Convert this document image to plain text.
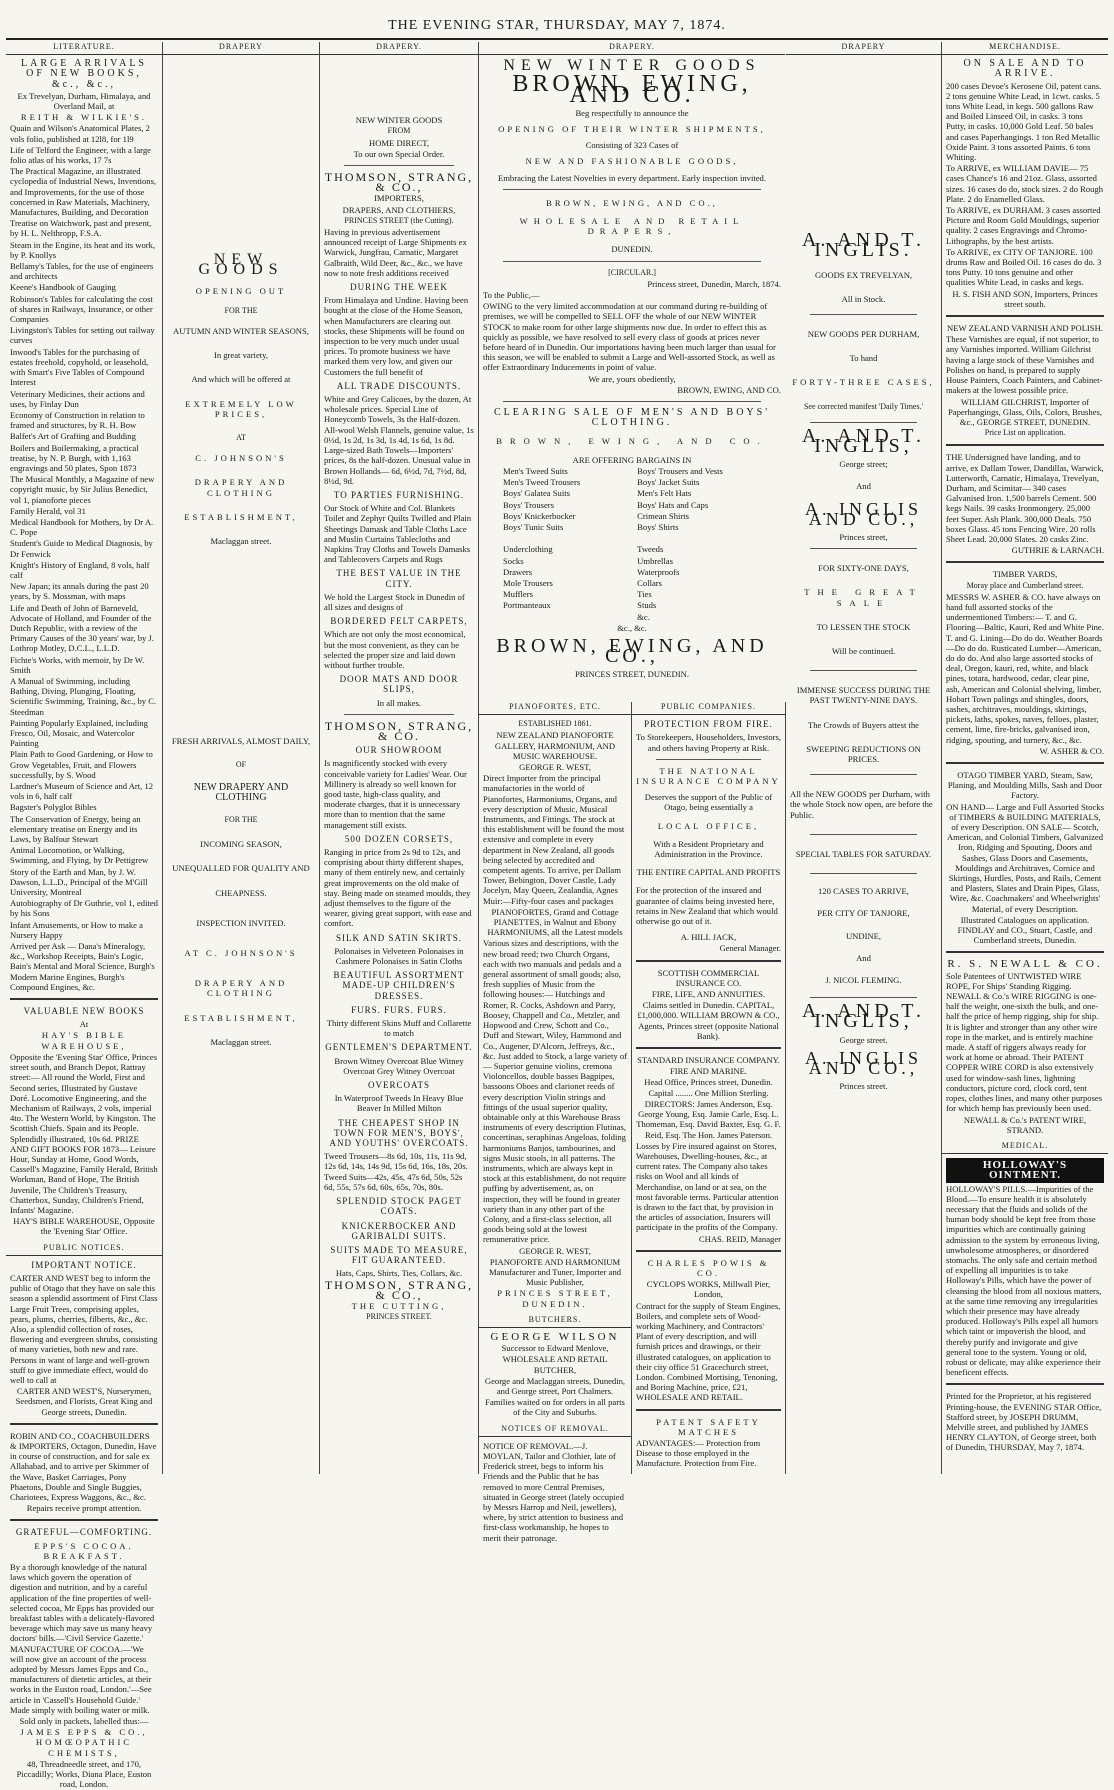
THE EVENING STAR, THURSDAY, MAY 7, 1874.
LITERATURE.

LARGE ARRIVALS OF NEW BOOKS, &c., &c.,

Ex Trevelyan, Durham, Himalaya, and Overland Mail, at

REITH & WILKIE'S.

Quain and Wilson's Anatomical Plates, 2 vols folio, published at 12l8, for 1l9

Life of Telford the Engineer, with a large folio atlas of his works, 17 7s

The Practical Magazine, an illustrated cyclopedia of Industrial News, Inventions, and Improvements, for the use of those concerned in Raw Materials, Machinery, Manufactures, Building, and Decoration

Treatise on Watchwork, past and present, by H. L. Nelthropp, F.S.A.

Steam in the Engine, its heat and its work, by P. Knollys

Bellamy's Tables, for the use of engineers and architects

Keene's Handbook of Gauging

Robinson's Tables for calculating the cost of shares in Railways, Insurance, or other Companies

Livingston's Tables for setting out railway curves

Inwood's Tables for the purchasing of estates freehold, copyhold, or leasehold, with Smart's Five Tables of Compound Interest

Veterinary Medicines, their actions and uses, by Finlay Dun

Economy of Construction in relation to framed and structures, by R. H. Bow

Balfet's Art of Grafting and Budding

Boilers and Boilermaking, a practical treatise, by N. P. Burgh, with 1,163 engravings and 50 plates, Spon 1873

The Musical Monthly, a Magazine of new copyright music, by Sir Julius Benedict, vol 1, pianoforte pieces

Family Herald, vol 31

Medical Handbook for Mothers, by Dr A. C. Pope

Student's Guide to Medical Diagnosis, by Dr Fenwick

Knight's History of England, 8 vols, half calf

New Japan; its annals during the past 20 years, by S. Mossman, with maps

Life and Death of John of Barneveld, Advocate of Holland, and Founder of the Dutch Republic, with a review of the Primary Causes of the 30 years' war, by J. Lothrop Motley, D.C.L., L.L.D.

Fichte's Works, with memoir, by Dr W. Smith

A Manual of Swimming, including Bathing, Diving, Plunging, Floating, Scientific Swimming, Training, &c., by C. Steedman

Painting Popularly Explained, including Fresco, Oil, Mosaic, and Watercolor Painting

Plain Path to Good Gardening, or How to Grow Vegetables, Fruit, and Flowers successfully, by S. Wood

Lardner's Museum of Science and Art, 12 vols in 6, half calf

Bagster's Polyglot Bibles

The Conservation of Energy, being an elementary treatise on Energy and its Laws, by Balfour Stewart

Animal Locomotion, or Walking, Swimming, and Flying, by Dr Pettigrew

Story of the Earth and Man, by J. W. Dawson, L.L.D., Principal of the M'Gill University, Montreal

Autobiography of Dr Guthrie, vol 1, edited by his Sons

Infant Amusements, or How to make a Nursery Happy

Arrived per Ask — Dana's Mineralogy, &c., Workshop Receipts, Bain's Logic, Bain's Mental and Moral Science, Burgh's Modern Marine Engines, Burgh's Compound Engines, &c.

VALUABLE NEW BOOKS

At

HAY'S BIBLE WAREHOUSE,

Opposite the 'Evening Star' Office, Princes street south, and Branch Depot, Rattray street:— All round the World, First and Second series, Illustrated by Gustave Doré. Locomotive Engineering, and the Mechanism of Railways, 2 vols, imperial 4to. The Western World, by Kingston. The Scottish Chiefs. Spain and its People. Splendidly illustrated, 10s 6d. PRIZE AND GIFT BOOKS FOR 1873— Leisure Hour, Sunday at Home, Good Words, Cassell's Magazine, Family Herald, British Workman, Band of Hope, The British Juvenile, The Children's Treasury, Chatterbox, Sunday, Children's Friend, Infants' Magazine.

HAY'S BIBLE WAREHOUSE, Opposite the 'Evening Star' Office.

PUBLIC NOTICES.

IMPORTANT NOTICE.

CARTER AND WEST beg to inform the public of Otago that they have on sale this season a splendid assortment of First Class Large Fruit Trees, comprising apples, pears, plums, cherries, filberts, &c., &c. Also, a splendid collection of roses, flowering and evergreen shrubs, consisting of many varieties, both new and rare. Persons in want of large and well-grown stuff to give immediate effect, would do well to call at

CARTER AND WEST'S, Nurserymen, Seedsmen, and Florists, Great King and George streets, Dunedin.

ROBIN AND CO., COACHBUILDERS & IMPORTERS, Octagon, Dunedin, Have in course of construction, and for sale ex Allahabad, and to arrive per Skimmer of the Wave, Basket Carriages, Pony Phaetons, Double and Single Buggies, Chariotees, Express Waggons, &c., &c.

Repairs receive prompt attention.

GRATEFUL—COMFORTING.

EPPS'S COCOA. BREAKFAST.

By a thorough knowledge of the natural laws which govern the operation of digestion and nutrition, and by a careful application of the fine properties of well-selected cocoa, Mr Epps has provided our breakfast tables with a delicately-flavored beverage which may save us many heavy doctors' bills.—'Civil Service Gazette.' MANUFACTURE OF COCOA.—'We will now give an account of the process adopted by Messrs James Epps and Co., manufacturers of dietetic articles, at their works in the Euston road, London.'—See article in 'Cassell's Household Guide.' Made simply with boiling water or milk.

Sold only in packets, labelled thus:—

JAMES EPPS & CO., HOMŒOPATHIC CHEMISTS,

48, Threadneedle street, and 170, Piccadilly; Works, Diana Place, Euston road, London.

DRAPERY

NEW GOODS

OPENING OUT

FOR THE

AUTUMN AND WINTER SEASONS,

In great variety,

And which will be offered at

EXTREMELY LOW PRICES,

AT

C. JOHNSON'S

DRAPERY AND CLOTHING

ESTABLISHMENT,

Maclaggan street.

FRESH ARRIVALS, ALMOST DAILY,

OF

NEW DRAPERY AND CLOTHING

FOR THE

INCOMING SEASON,

UNEQUALLED FOR QUALITY AND

CHEAPNESS.

INSPECTION INVITED.

AT C. JOHNSON'S

DRAPERY AND CLOTHING

ESTABLISHMENT,

Maclaggan street.

DRAPERY.

NEW WINTER GOODS

FROM

HOME DIRECT,

To our own Special Order.

THOMSON, STRANG, & CO.,

IMPORTERS,

DRAPERS, AND CLOTHIERS,

PRINCES STREET (the Cutting).

Having in previous advertisement announced receipt of Large Shipments ex Warwick, Jungfrau, Carnatic, Margaret Galbraith, Wild Deer, &c., &c., we have now to note fresh additions received

DURING THE WEEK

From Himalaya and Undine. Having been bought at the close of the Home Season, when Manufacturers are clearing out stocks, these Shipments will be found on inspection to be very much under usual prices. To promote business we have marked them very low, and given our Customers the full benefit of

ALL TRADE DISCOUNTS.

White and Grey Calicoes, by the dozen, At wholesale prices. Special Line of Honeycomb Towels, 3s the Half-dozen. All-wool Welsh Flannels, genuine value, 1s 0½d, 1s 2d, 1s 3d, 1s 4d, 1s 6d, 1s 8d. Large-sized Bath Towels—Importers' prices, 8s the half-dozen. Unusual value in Brown Hollands— 6d, 6½d, 7d, 7½d, 8d, 8½d, 9d.

TO PARTIES FURNISHING.

Our Stock of White and Col. Blankets Toilet and Zephyr Quilts Twilled and Plain Sheetings Damask and Table Cloths Lace and Muslin Curtains Tablecloths and Napkins Tray Cloths and Towels Damasks and Tablecovers Carpets and Rugs

THE BEST VALUE IN THE CITY.

We hold the Largest Stock in Dunedin of all sizes and designs of

BORDERED FELT CARPETS,

Which are not only the most economical, but the most convenient, as they can be selected the proper size and laid down without further trouble.

DOOR MATS AND DOOR SLIPS,

In all makes.

THOMSON, STRANG, & CO.

OUR SHOWROOM

Is magnificently stocked with every conceivable variety for Ladies' Wear. Our Millinery is already so well known for good taste, high-class quality, and moderate charges, that it is unnecessary more than to mention that the same management still exists.

500 DOZEN CORSETS,

Ranging in price from 2s 9d to 12s, and comprising about thirty different shapes, many of them entirely new, and certainly great improvements on the old make of stay. Being made on steamed moulds, they adjust themselves to the figure of the wearer, giving great support, with ease and comfort.

SILK AND SATIN SKIRTS.

Polonaises in Velveteen Polonaises in Cashmere Polonaises in Satin Cloths

BEAUTIFUL ASSORTMENT MADE-UP CHILDREN'S DRESSES.

FURS. FURS. FURS.

Thirty different Skins Muff and Collarette to match

GENTLEMEN'S DEPARTMENT.

Brown Witney Overcoat Blue Witney Overcoat Grey Witney Overcoat

OVERCOATS

In Waterproof Tweeds In Heavy Blue Beaver In Milled Milton

THE CHEAPEST SHOP IN TOWN FOR MEN'S, BOYS', AND YOUTHS' OVERCOATS.

Tweed Trousers—8s 6d, 10s, 11s, 11s 9d, 12s 6d, 14s, 14s 9d, 15s 6d, 16s, 18s, 20s. Tweed Suits—42s, 45s, 47s 6d, 50s, 52s 6d, 55s, 57s 6d, 60s, 65s, 70s, 80s.

SPLENDID STOCK PAGET COATS.

KNICKERBOCKER AND GARIBALDI SUITS.

SUITS MADE TO MEASURE, FIT GUARANTEED.

Hats, Caps, Shirts, Ties, Collars, &c.

THOMSON, STRANG, & CO.,

THE CUTTING,

PRINCES STREET.

DRAPERY.

NEW WINTER GOODS

BROWN, EWING, AND CO.

Beg respectfully to announce the

OPENING OF THEIR WINTER SHIPMENTS,

Consisting of 323 Cases of

NEW AND FASHIONABLE GOODS,

Embracing the Latest Novelties in every department. Early inspection invited.

BROWN, EWING, AND CO.,

WHOLESALE AND RETAIL DRAPERS,

DUNEDIN.

[CIRCULAR.]

Princess street, Dunedin, March, 1874.

To the Public,—

OWING to the very limited accommodation at our command during re-building of premises, we will be compelled to SELL OFF the whole of our NEW WINTER STOCK to make room for other large shipments now due. In order to effect this as quickly as possible, we have resolved to sell every class of goods at prices never before heard of in Dunedin. Our importations having been much larger than usual for this season, we will be enabled to submit a Large and Well-assorted Stock, as well as offer Extraordinary Inducements in point of value.

We are, yours obediently,

BROWN, EWING, AND CO.

CLEARING SALE OF MEN'S AND BOYS' CLOTHING.

BROWN, EWING, AND CO.

ARE OFFERING BARGAINS IN

Men's Tweed Suits

Men's Tweed Trousers

Boys' Galatea Suits

Boys' Trousers

Boys' Knickerbocker

Boys' Tunic Suits

Underclothing

Socks

Drawers

Mole Trousers

Mufflers

Portmanteaux

Boys' Trousers and Vests

Boys' Jacket Suits

Men's Felt Hats

Boys' Hats and Caps

Crimean Shirts

Boys' Shirts

Tweeds

Umbrellas

Waterproofs

Collars

Ties

Studs

&c.

&c., &c.

BROWN, EWING, AND CO.,

PRINCES STREET, DUNEDIN.

PIANOFORTES, ETC.

ESTABLISHED 1861.

NEW ZEALAND PIANOFORTE GALLERY, HARMONIUM, AND MUSIC WAREHOUSE.

GEORGE R. WEST,

Direct Importer from the principal manufactories in the world of Pianofortes, Harmoniums, Organs, and every description of Music, Musical Instruments, and Fittings. The stock at this establishment will be found the most extensive and complete in every department in New Zealand, all goods being selected by accredited and competent agents. To arrive, per Dallam Tower, Bebington, Dover Castle, Lady Jocelyn, May Queen, Zealandia, Agnes Muir:—Fifty-four cases and packages

PIANOFORTES, Grand and Cottage PIANETTES, in Walnut and Ebony HARMONIUMS, all the Latest models

Various sizes and descriptions, with the new broad reed; two Church Organs, each with two manuals and pedals and a general assortment of small goods; also, fresh supplies of Music from the following houses:— Hutchings and Romer, R. Cocks, Ashdown and Parry, Boosey, Chappell and Co., Metzler, and Hopwood and Crew, Schott and Co., Duff and Stewart, Wiley, Hammond and Co., Augener, D'Alcorn, Jeffreys, &c., &c. Just added to Stock, a large variety of— Superior genuine violins, cremona Violoncellos, double basses Bagpipes, bassoons Oboes and clarionet reeds of every description Violin strings and fittings of the usual superior quality, obtainable only at this Warehouse Brass instruments of every description Flutinas, concertinas, seraphinas Angeloas, folding harmoniums Banjos, tambourines, and signs Music stools, in all patterns. The instruments, which are always kept in stock at this establishment, do not require puffing by advertisement, as, on inspection, they will be found in greater variety than in any other part of the Colony, and a first-class selection, all goods being sold at the lowest remunerative price.

GEORGE R. WEST,

PIANOFORTE AND HARMONIUM Manufacturer and Tuner, Importer and Music Publisher,

PRINCES STREET, DUNEDIN.

BUTCHERS.

GEORGE WILSON

Successor to Edward Menlove,

WHOLESALE AND RETAIL BUTCHER,

George and Maclaggan streets, Dunedin, and George street, Port Chalmers.

Families waited on for orders in all parts of the City and Suburbs.

NOTICES OF REMOVAL.

NOTICE OF REMOVAL.—J. MOYLAN, Tailor and Clothier, late of Frederick street, begs to inform his Friends and the Public that he has removed to more Central Premises, situated in George street (lately occupied by Messrs Harrop and Neil, jewellers), where, by strict attention to business and first-class workmanship, he hopes to merit their patronage.

PUBLIC COMPANIES.

PROTECTION FROM FIRE.

To Storekeepers, Householders, Investors, and others having Property at Risk.

THE NATIONAL INSURANCE COMPANY

Deserves the support of the Public of Otago, being essentially a

LOCAL OFFICE,

With a Resident Proprietary and Administration in the Province.

THE ENTIRE CAPITAL AND PROFITS

For the protection of the insured and guarantee of claims being invested here, retains in New Zealand that which would otherwise go out of it.

A. HILL JACK,

General Manager.

SCOTTISH COMMERCIAL INSURANCE CO.

FIRE, LIFE, AND ANNUITIES.

Claims settled in Dunedin. CAPITAL, £1,000,000. WILLIAM BROWN & CO., Agents, Princes street (opposite National Bank).

STANDARD INSURANCE COMPANY.

FIRE AND MARINE.

Head Office, Princes street, Dunedin. Capital ........ One Million Sterling.

DIRECTORS: James Anderson, Esq. George Young, Esq. Jamie Carle, Esq. L. Thomeman, Esq. David Baxter, Esq. G. F. Reid, Esq. The Hon. James Paterson.

Losses by Fire insured against on Stores, Warehouses, Dwelling-houses, &c., at current rates. The Company also takes risks on Wool and all kinds of Merchandise, on land or at sea, on the most favorable terms. Particular attention is drawn to the fact that, by provision in the articles of association, Insurers will participate in the profits of the Company.

CHAS. REID, Manager

CHARLES POWIS & CO.

CYCLOPS WORKS, Millwall Pier, London,

Contract for the supply of Steam Engines, Boilers, and complete sets of Wood-working Machinery, and Contractors' Plant of every description, and will furnish prices and drawings, or their illustrated catalogues, on application to their city office 51 Gracechurch street, London. Combined Mortising, Tenoning, and Boring Machine, price, £21, WHOLESALE AND RETAIL.

PATENT SAFETY MATCHES

ADVANTAGES:— Protection from Disease to those employed in the Manufacture. Protection from Fire.

DRAPERY

A. AND T. INGLIS.

GOODS EX TREVELYAN,

All in Stock.

NEW GOODS PER DURHAM,

To hand

FORTY-THREE CASES,

See corrected manifest 'Daily Times.'

A. AND T. INGLIS,

George street;

And

A. INGLIS AND CO.,

Princes street,

FOR SIXTY-ONE DAYS,

THE GREAT SALE

TO LESSEN THE STOCK

Will be continued.

IMMENSE SUCCESS DURING THE PAST TWENTY-NINE DAYS.

The Crowds of Buyers attest the

SWEEPING REDUCTIONS ON PRICES.

All the NEW GOODS per Durham, with the whole Stock now open, are before the Public.

SPECIAL TABLES FOR SATURDAY.

120 CASES TO ARRIVE,

PER CITY OF TANJORE,

UNDINE,

And

J. NICOL FLEMING.

A. AND T. INGLIS,

George street.

A. INGLIS AND CO.,

Princes street.

MERCHANDISE.

ON SALE AND TO ARRIVE.

200 cases Devoe's Kerosene Oil, patent cans. 2 tons genuine White Lead, in 1cwt. casks. 5 tons White Lead, in kegs. 500 gallons Raw and Boiled Linseed Oil, in casks. 3 tons Putty, in casks. 10,000 Gold Leaf. 50 bales and cases Paperhangings. 1 ton Red Metallic Oxide Paint. 3 tons assorted Paints. 6 tons Whiting.

To ARRIVE, ex WILLIAM DAVIE— 75 cases Chance's 16 and 21oz. Glass, assorted sizes. 16 cases do do, stock sizes. 2 do Rough Plate. 2 do Enamelled Glass.

To ARRIVE, ex DURHAM. 3 cases assorted Picture and Room Gold Mouldings, superior quality. 2 cases Engravings and Chromo-Lithographs, by the best artists.

To ARRIVE, ex CITY OF TANJORE. 100 drums Raw and Boiled Oil. 16 cases do do. 3 tons Putty. 10 tons genuine and other qualities White Lead, in casks and kegs.

H. S. FISH AND SON, Importers, Princes street south.

NEW ZEALAND VARNISH AND POLISH.

These Varnishes are equal, if not superior, to any Varnishes imported. William Gilchrist having a large stock of these Varnishes and Polishes on hand, is prepared to supply House Painters, Coach Painters, and Cabinet-makers at the lowest possible price.

WILLIAM GILCHRIST, Importer of Paperhangings, Glass, Oils, Colors, Brushes, &c., GEORGE STREET, DUNEDIN.

Price List on application.

THE Undersigned have landing, and to arrive, ex Dallam Tower, Dandillas, Warwick, Lutterworth, Carnatic, Himalaya, Trevelyan, Durham, and Scimitar— 340 cases Galvanised Iron. 1,500 barrels Cement. 500 kegs Nails. 39 casks Ironmongery. 25,000 feet Super. Ash Plank. 300,000 Deals. 750 boxes Glass. 45 tons Fencing Wire. 20 rolls Sheet Lead. 20,000 Slates. 20 casks Zinc.

GUTHRIE & LARNACH.

TIMBER YARDS,

Moray place and Cumberland street.

MESSRS W. ASHER & CO. have always on hand full assorted stocks of the undermentioned Timbers:— T. and G. Flooring—Baltic, Kauri, Red and White Pine. T. and G. Lining—Do do do. Weather Boards—Do do do. Rusticated Lumber—American, do do do. And also large assorted stocks of deal, Oregon, kauri, red, white, and black pines, totara, hardwood, cedar, clear pine, ash, American and Colonial shelving, limber, Hobart Town palings and shingles, doors, sashes, architraves, mouldings, skirtings, pickets, laths, spokes, naves, felloes, plaster, cement, lime, fire-bricks, galvanised iron, ridging, spouting, and turnery, &c., &c.

W. ASHER & CO.

OTAGO TIMBER YARD, Steam, Saw, Planing, and Moulding Mills, Sash and Door Factory.

ON HAND— Large and Full Assorted Stocks of TIMBERS & BUILDING MATERIALS, of every Description. ON SALE— Scotch, American, and Colonial Timbers, Galvanized Iron, Ridging and Spouting, Doors and Sashes, Glass Doors and Casements, Mouldings and Architraves, Cornice and Skirtings, Hurdles, Posts, and Rails, Cement and Plasters, Slates and Drain Pipes, Glass, Wire, &c. Coachmakers' and Wheelwrights' Material, of every Description.

Illustrated Catalogues on application. FINDLAY and CO., Stuart, Castle, and Cumberland streets, Dunedin.

R. S. NEWALL & CO.

Sole Patentees of UNTWISTED WIRE ROPE, For Ships' Standing Rigging. NEWALL & Co.'s WIRE RIGGING is one-half the weight, one-sixth the bulk, and one-half the price of hemp rigging, ship for ship. It is lighter and stronger than any other wire rope in the market, and is entirely machine made. A staff of riggers always ready for work at home or abroad. Their PATENT COPPER WIRE CORD is also extensively used for window-sash lines, lightning conductors, picture cord, clock cord, tent ropes, clothes lines, and many other purposes for which hemp has previously been used.

NEWALL & Co.'s PATENT WIRE, STRAND.

MEDICAL.

HOLLOWAY'S OINTMENT.

HOLLOWAY'S PILLS.—Impurities of the Blood.—To ensure health it is absolutely necessary that the fluids and solids of the human body should be kept free from those impurities which are continually gaining admission to the system by erroneous living, unwholesome atmospheres, or disordered stomachs. The only safe and certain method of expelling all impurities is to take Holloway's Pills, which have the power of cleansing the blood from all noxious matters, at the same time removing any irregularities which their presence may have already produced. Holloway's Pills expel all humors which taint or impoverish the blood, and thereby purify and invigorate and give general tone to the system. Young or old, robust or delicate, may alike experience their beneficent effects.

Printed for the Proprietor, at his registered Printing-house, the EVENING STAR Office, Stafford street, by JOSEPH DRUMM, Melville street, and published by JAMES HENRY CLAYTON, of George street, both of Dunedin, THURSDAY, May 7, 1874.
